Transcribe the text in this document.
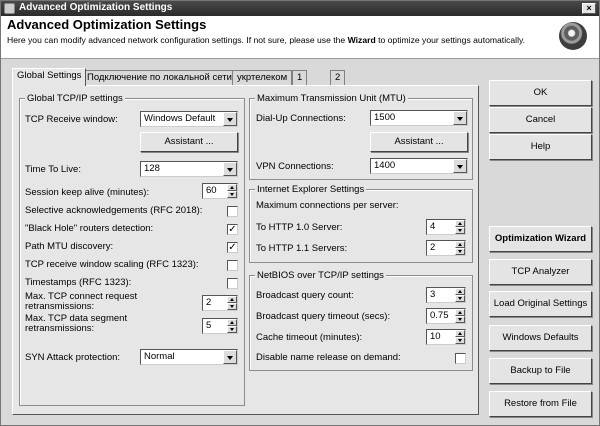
Advanced Optimization Settings	×
Advanced Optimization Settings
Here you can modify advanced network configuration settings. If not sure, please use the Wizard to optimize your settings automatically.
Global Settings Подключение по локальной сети укртелеком	1	2
Global TCP/IP settings
TCP Receive window:	Windows Default
Assistant ...
Time To Live:	128
Session keep alive (minutes):	60
Selective acknowledgements (RFC 2018):
"Black Hole" routers detection:	✓
Path MTU discovery:	✓
TCP receive window scaling (RFC 1323):
Timestamps (RFC 1323):
Max. TCP connect request retransmissions:	2
Max. TCP data segment retransmissions:	5
SYN Attack protection:	Normal
Maximum Transmission Unit (MTU)
Dial-Up Connections:	1500
Assistant ...
VPN Connections:	1400
Internet Explorer Settings
Maximum connections per server:
To HTTP 1.0 Server:	4
To HTTP 1.1 Servers:	2
NetBIOS over TCP/IP settings
Broadcast query count:	3
Broadcast query timeout (secs):	0.75
Cache timeout (minutes):	10
Disable name release on demand:
OK
Cancel
Help
Optimization Wizard
TCP Analyzer
Load Original Settings
Windows Defaults
Backup to File
Restore from File
